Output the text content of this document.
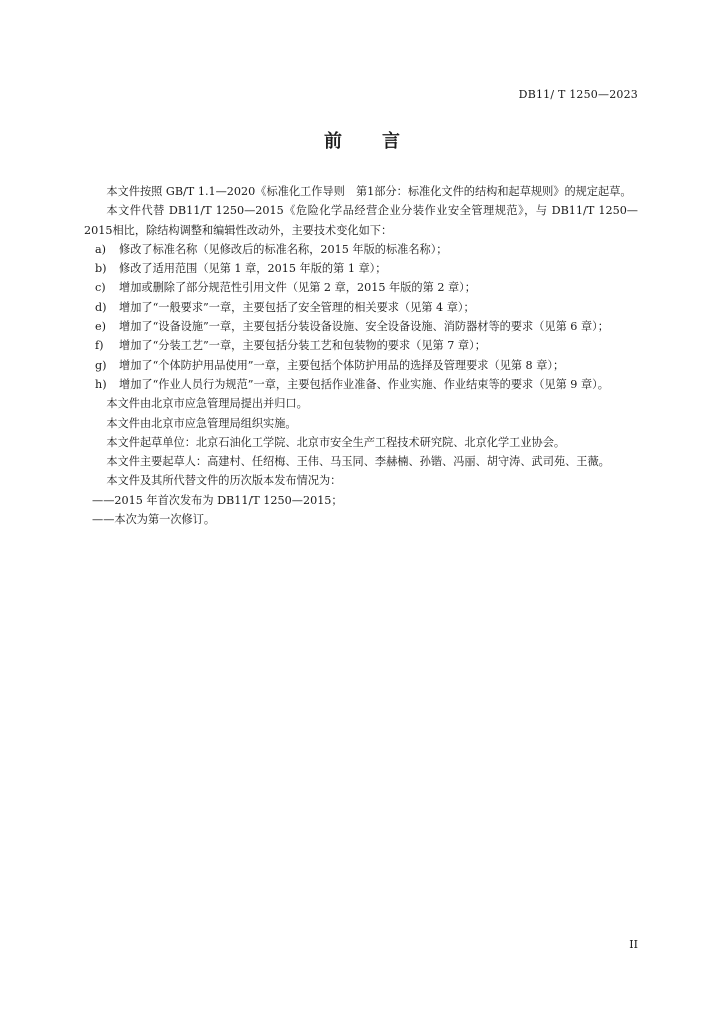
DB11/ T 1250—2023
前言

本文件按照 GB/T 1.1—2020《标准化工作导则　第1部分：标准化文件的结构和起草规则》的规定起草。

本文件代替 DB11/T 1250—2015《危险化学品经营企业分装作业安全管理规范》，与 DB11/T 1250—2015相比，除结构调整和编辑性改动外，主要技术变化如下：

a)	修改了标准名称（见修改后的标准名称，2015 年版的标准名称）；
b)	修改了适用范围（见第 1 章，2015 年版的第 1 章）；
c)	增加或删除了部分规范性引用文件（见第 2 章，2015 年版的第 2 章）；
d)	增加了“一般要求”一章，主要包括了安全管理的相关要求（见第 4 章）；
e)	增加了“设备设施”一章，主要包括分装设备设施、安全设备设施、消防器材等的要求（见第 6 章）；
f)	增加了“分装工艺”一章，主要包括分装工艺和包装物的要求（见第 7 章）；
g)	增加了“个体防护用品使用”一章，主要包括个体防护用品的选择及管理要求（见第 8 章）；
h)	增加了“作业人员行为规范”一章，主要包括作业准备、作业实施、作业结束等的要求（见第 9 章）。

本文件由北京市应急管理局提出并归口。

本文件由北京市应急管理局组织实施。

本文件起草单位：北京石油化工学院、北京市安全生产工程技术研究院、北京化学工业协会。

本文件主要起草人：高建村、任绍梅、王伟、马玉同、李赫楠、孙锴、冯丽、胡守涛、武司苑、王薇。

本文件及其所代替文件的历次版本发布情况为：

——2015 年首次发布为 DB11/T 1250—2015；

——本次为第一次修订。

II
